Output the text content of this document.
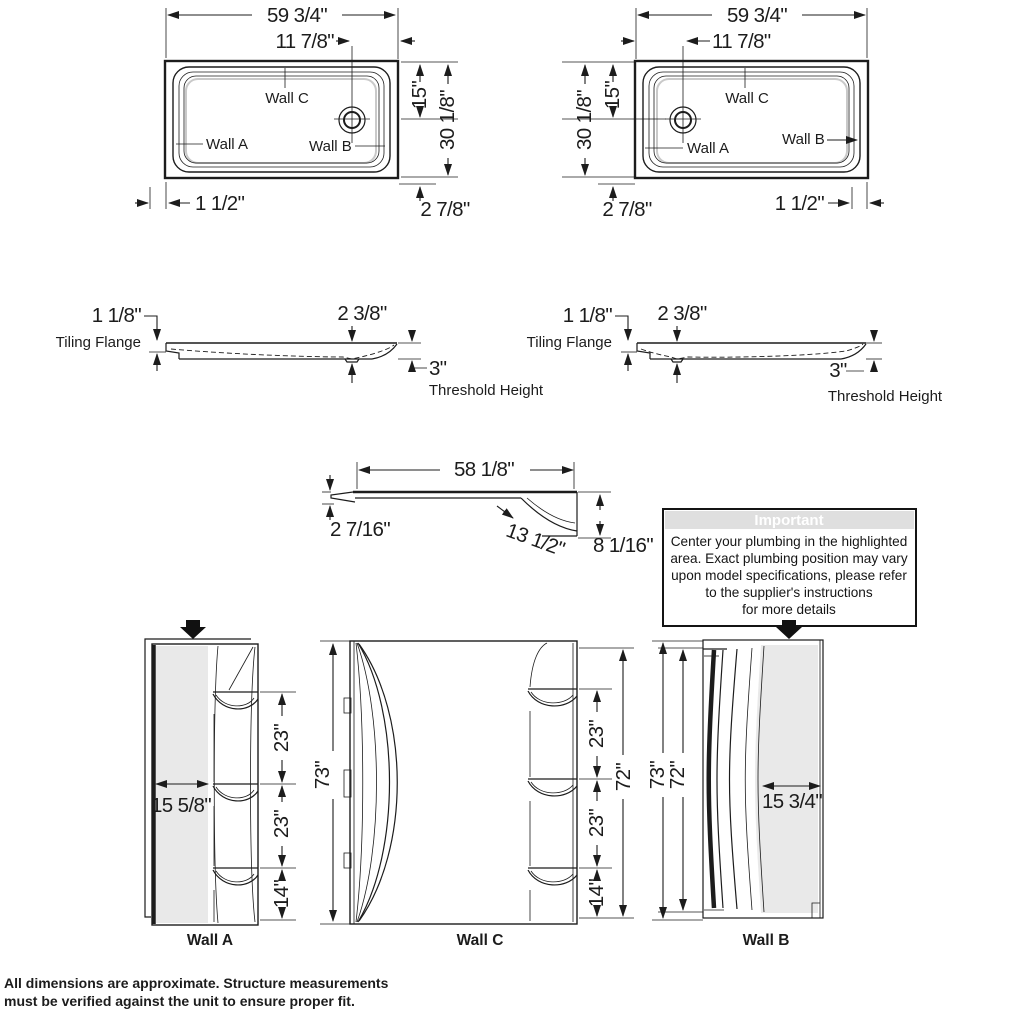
59 3/4"
11 7/8"
15" 30 1/8"
1 1/2"	2 7/8"
Wall C
Wall A	Wall B
59 3/4"
11 7/8"
15"
30 1/8"
2 7/8"	1 1/2"
Wall C
Wall A
Wall B
1 1/8"
Tiling Flange
2 3/8"
3"
Threshold Height
1 1/8"
Tiling Flange
2 3/8"
3"
Threshold Height
58 1/8"
2 7/16"	13 1/2" 8 1/16"
Important
Center your plumbing in the highlighted
area. Exact plumbing position may vary
upon model specifications, please refer
to the supplier's instructions
for more details
23"
23"
14"
15 5/8"
Wall A
73"
23"
23"
14"
72"
Wall C
73"
72"
15 3/4"
Wall B
All dimensions are approximate. Structure measurements
must be verified against the unit to ensure proper fit.
